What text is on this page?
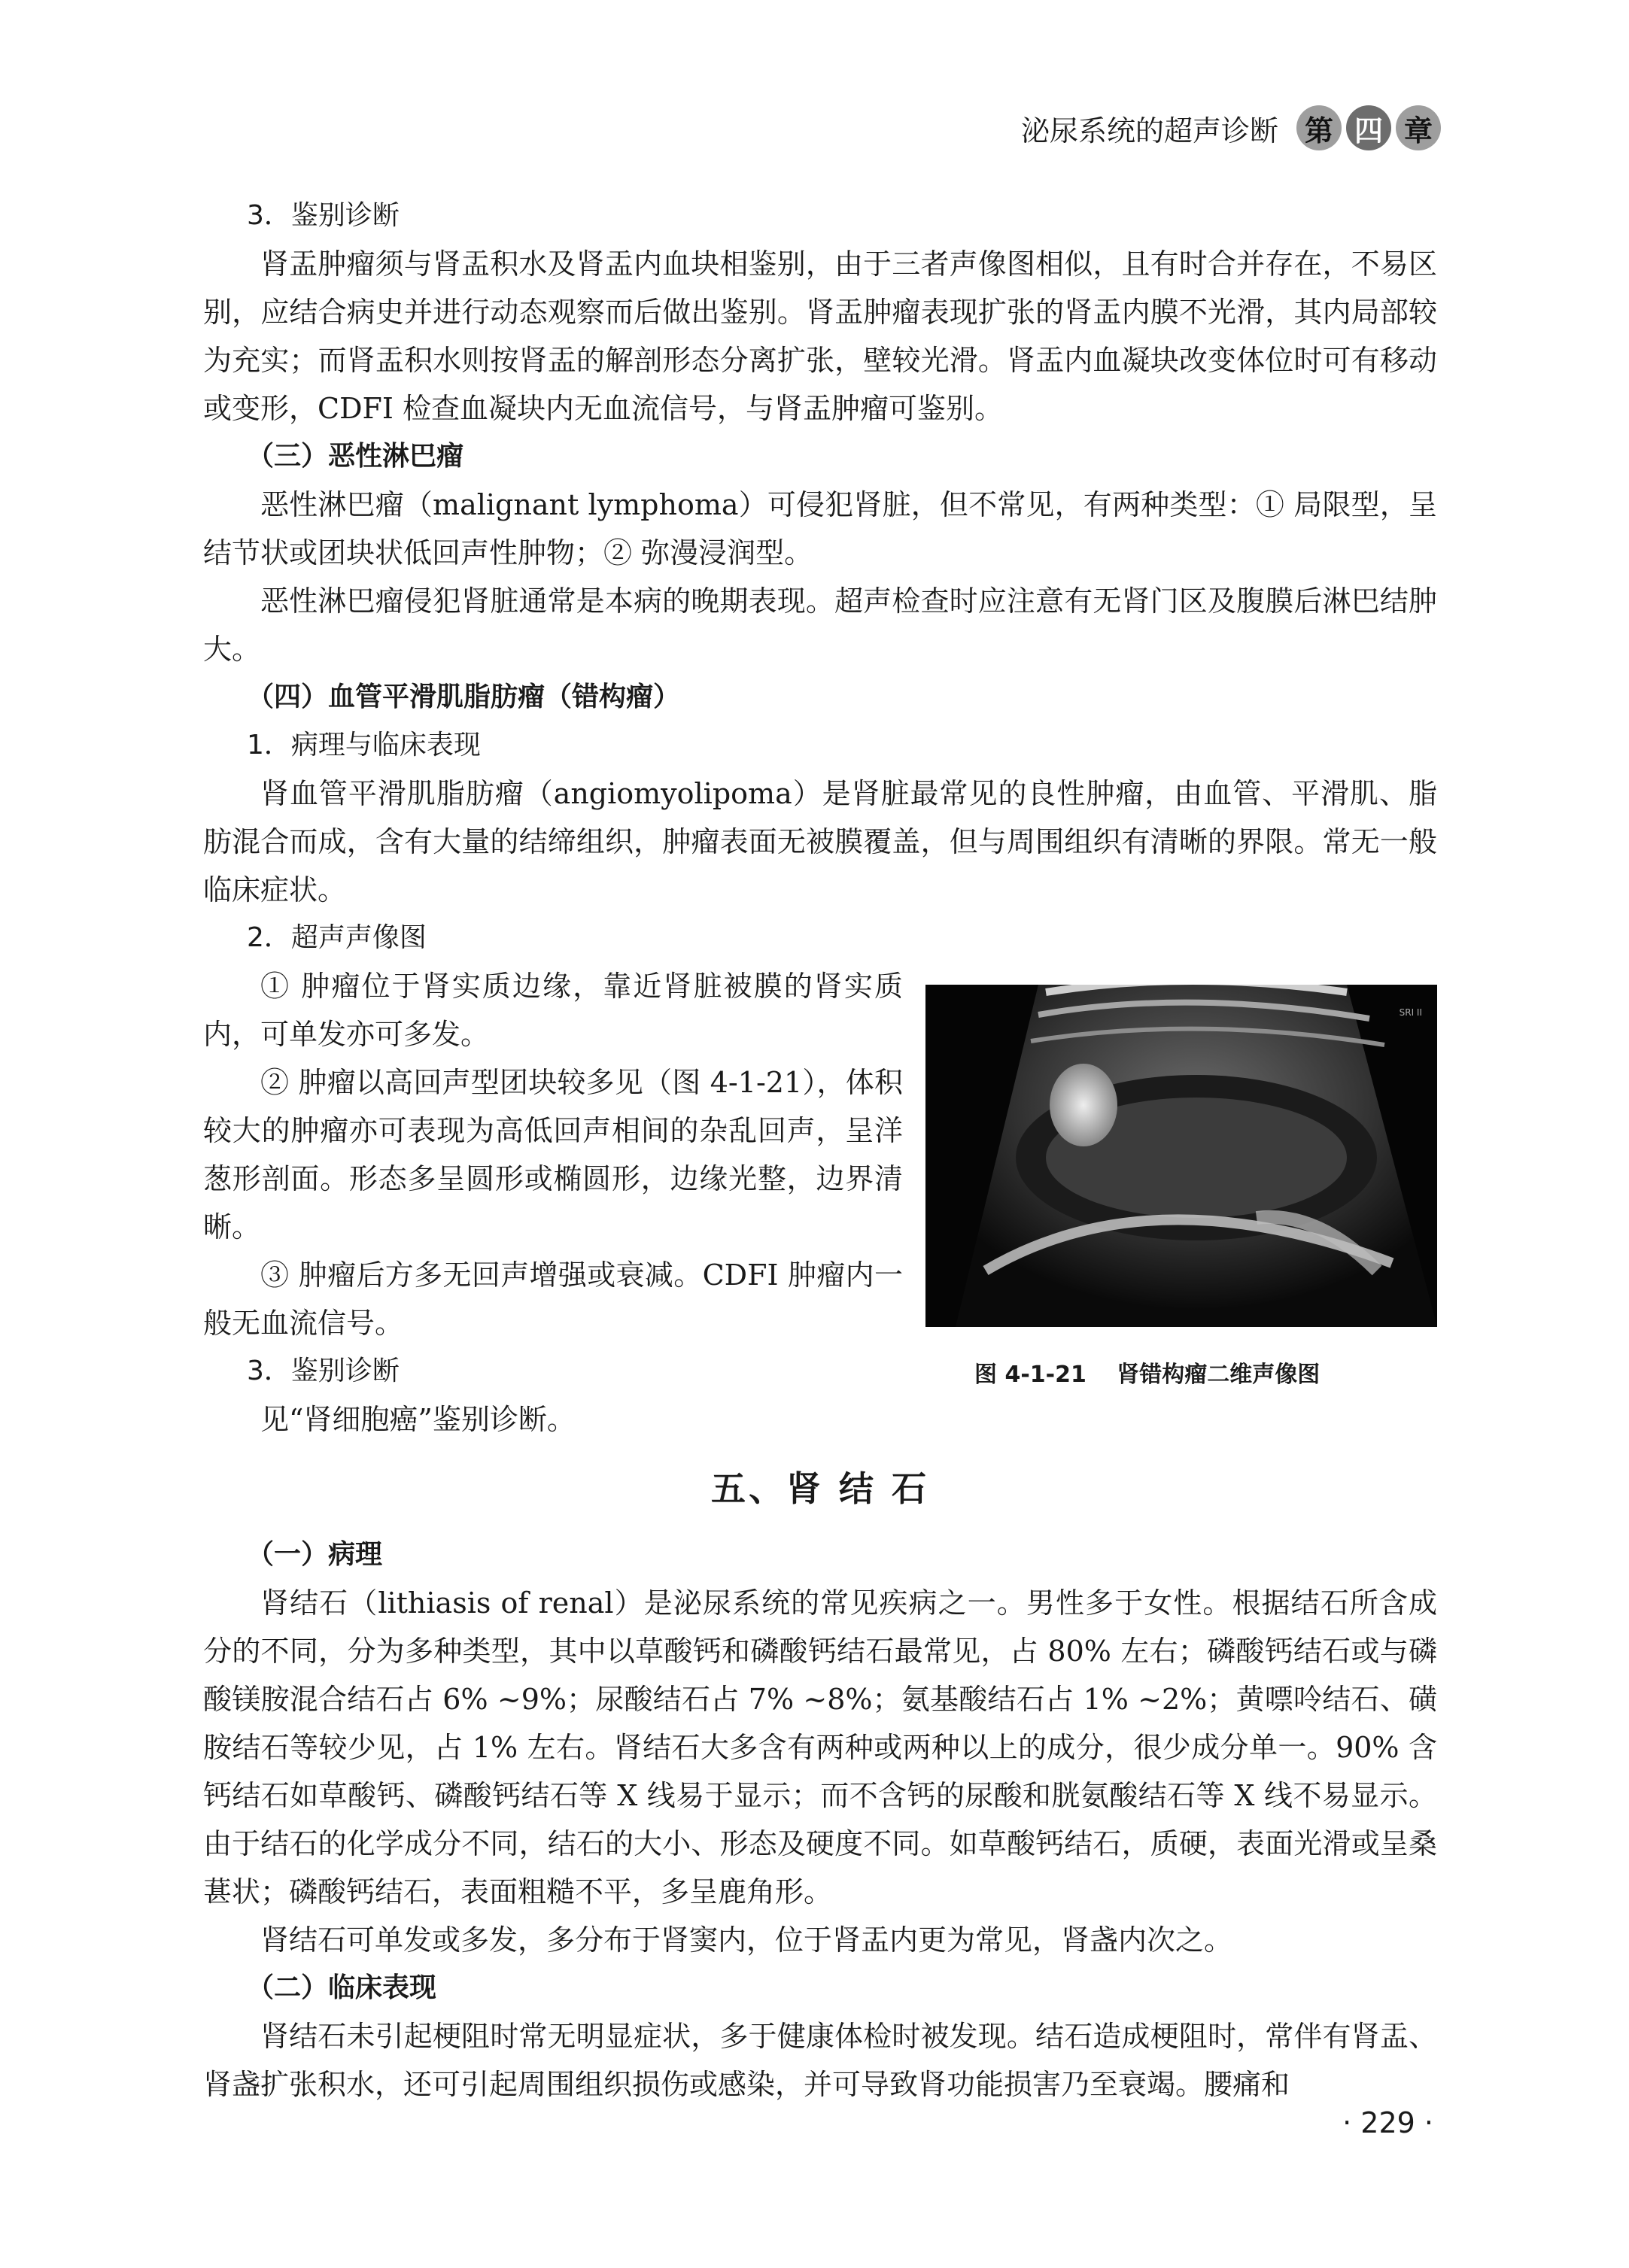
泌尿系统的超声诊断 第 四 章

3．鉴别诊断

肾盂肿瘤须与肾盂积水及肾盂内血块相鉴别，由于三者声像图相似，且有时合并存在，不易区别，应结合病史并进行动态观察而后做出鉴别。肾盂肿瘤表现扩张的肾盂内膜不光滑，其内局部较为充实；而肾盂积水则按肾盂的解剖形态分离扩张，壁较光滑。肾盂内血凝块改变体位时可有移动或变形，CDFI 检查血凝块内无血流信号，与肾盂肿瘤可鉴别。

（三）恶性淋巴瘤

恶性淋巴瘤（malignant lymphoma）可侵犯肾脏，但不常见，有两种类型：① 局限型，呈结节状或团块状低回声性肿物；② 弥漫浸润型。

恶性淋巴瘤侵犯肾脏通常是本病的晚期表现。超声检查时应注意有无肾门区及腹膜后淋巴结肿大。

（四）血管平滑肌脂肪瘤（错构瘤）

1．病理与临床表现

肾血管平滑肌脂肪瘤（angiomyolipoma）是肾脏最常见的良性肿瘤，由血管、平滑肌、脂肪混合而成，含有大量的结缔组织，肿瘤表面无被膜覆盖，但与周围组织有清晰的界限。常无一般临床症状。

2．超声声像图

① 肿瘤位于肾实质边缘，靠近肾脏被膜的肾实质内，可单发亦可多发。

② 肿瘤以高回声型团块较多见（图 4-1-21），体积较大的肿瘤亦可表现为高低回声相间的杂乱回声，呈洋葱形剖面。形态多呈圆形或椭圆形，边缘光整，边界清晰。

③ 肿瘤后方多无回声增强或衰减。CDFI 肿瘤内一般无血流信号。

3．鉴别诊断

见“肾细胞癌”鉴别诊断。

SRI II
图 4-1-21 肾错构瘤二维声像图
五、肾 结 石

（一）病理

肾结石（lithiasis of renal）是泌尿系统的常见疾病之一。男性多于女性。根据结石所含成分的不同，分为多种类型，其中以草酸钙和磷酸钙结石最常见，占 80% 左右；磷酸钙结石或与磷酸镁胺混合结石占 6% ~9%；尿酸结石占 7% ~8%；氨基酸结石占 1% ~2%；黄嘌呤结石、磺胺结石等较少见，占 1% 左右。肾结石大多含有两种或两种以上的成分，很少成分单一。90% 含钙结石如草酸钙、磷酸钙结石等 X 线易于显示；而不含钙的尿酸和胱氨酸结石等 X 线不易显示。由于结石的化学成分不同，结石的大小、形态及硬度不同。如草酸钙结石，质硬，表面光滑或呈桑葚状；磷酸钙结石，表面粗糙不平，多呈鹿角形。

肾结石可单发或多发，多分布于肾窦内，位于肾盂内更为常见，肾盏内次之。

（二）临床表现

肾结石未引起梗阻时常无明显症状，多于健康体检时被发现。结石造成梗阻时，常伴有肾盂、肾盏扩张积水，还可引起周围组织损伤或感染，并可导致肾功能损害乃至衰竭。腰痛和

· 229 ·
